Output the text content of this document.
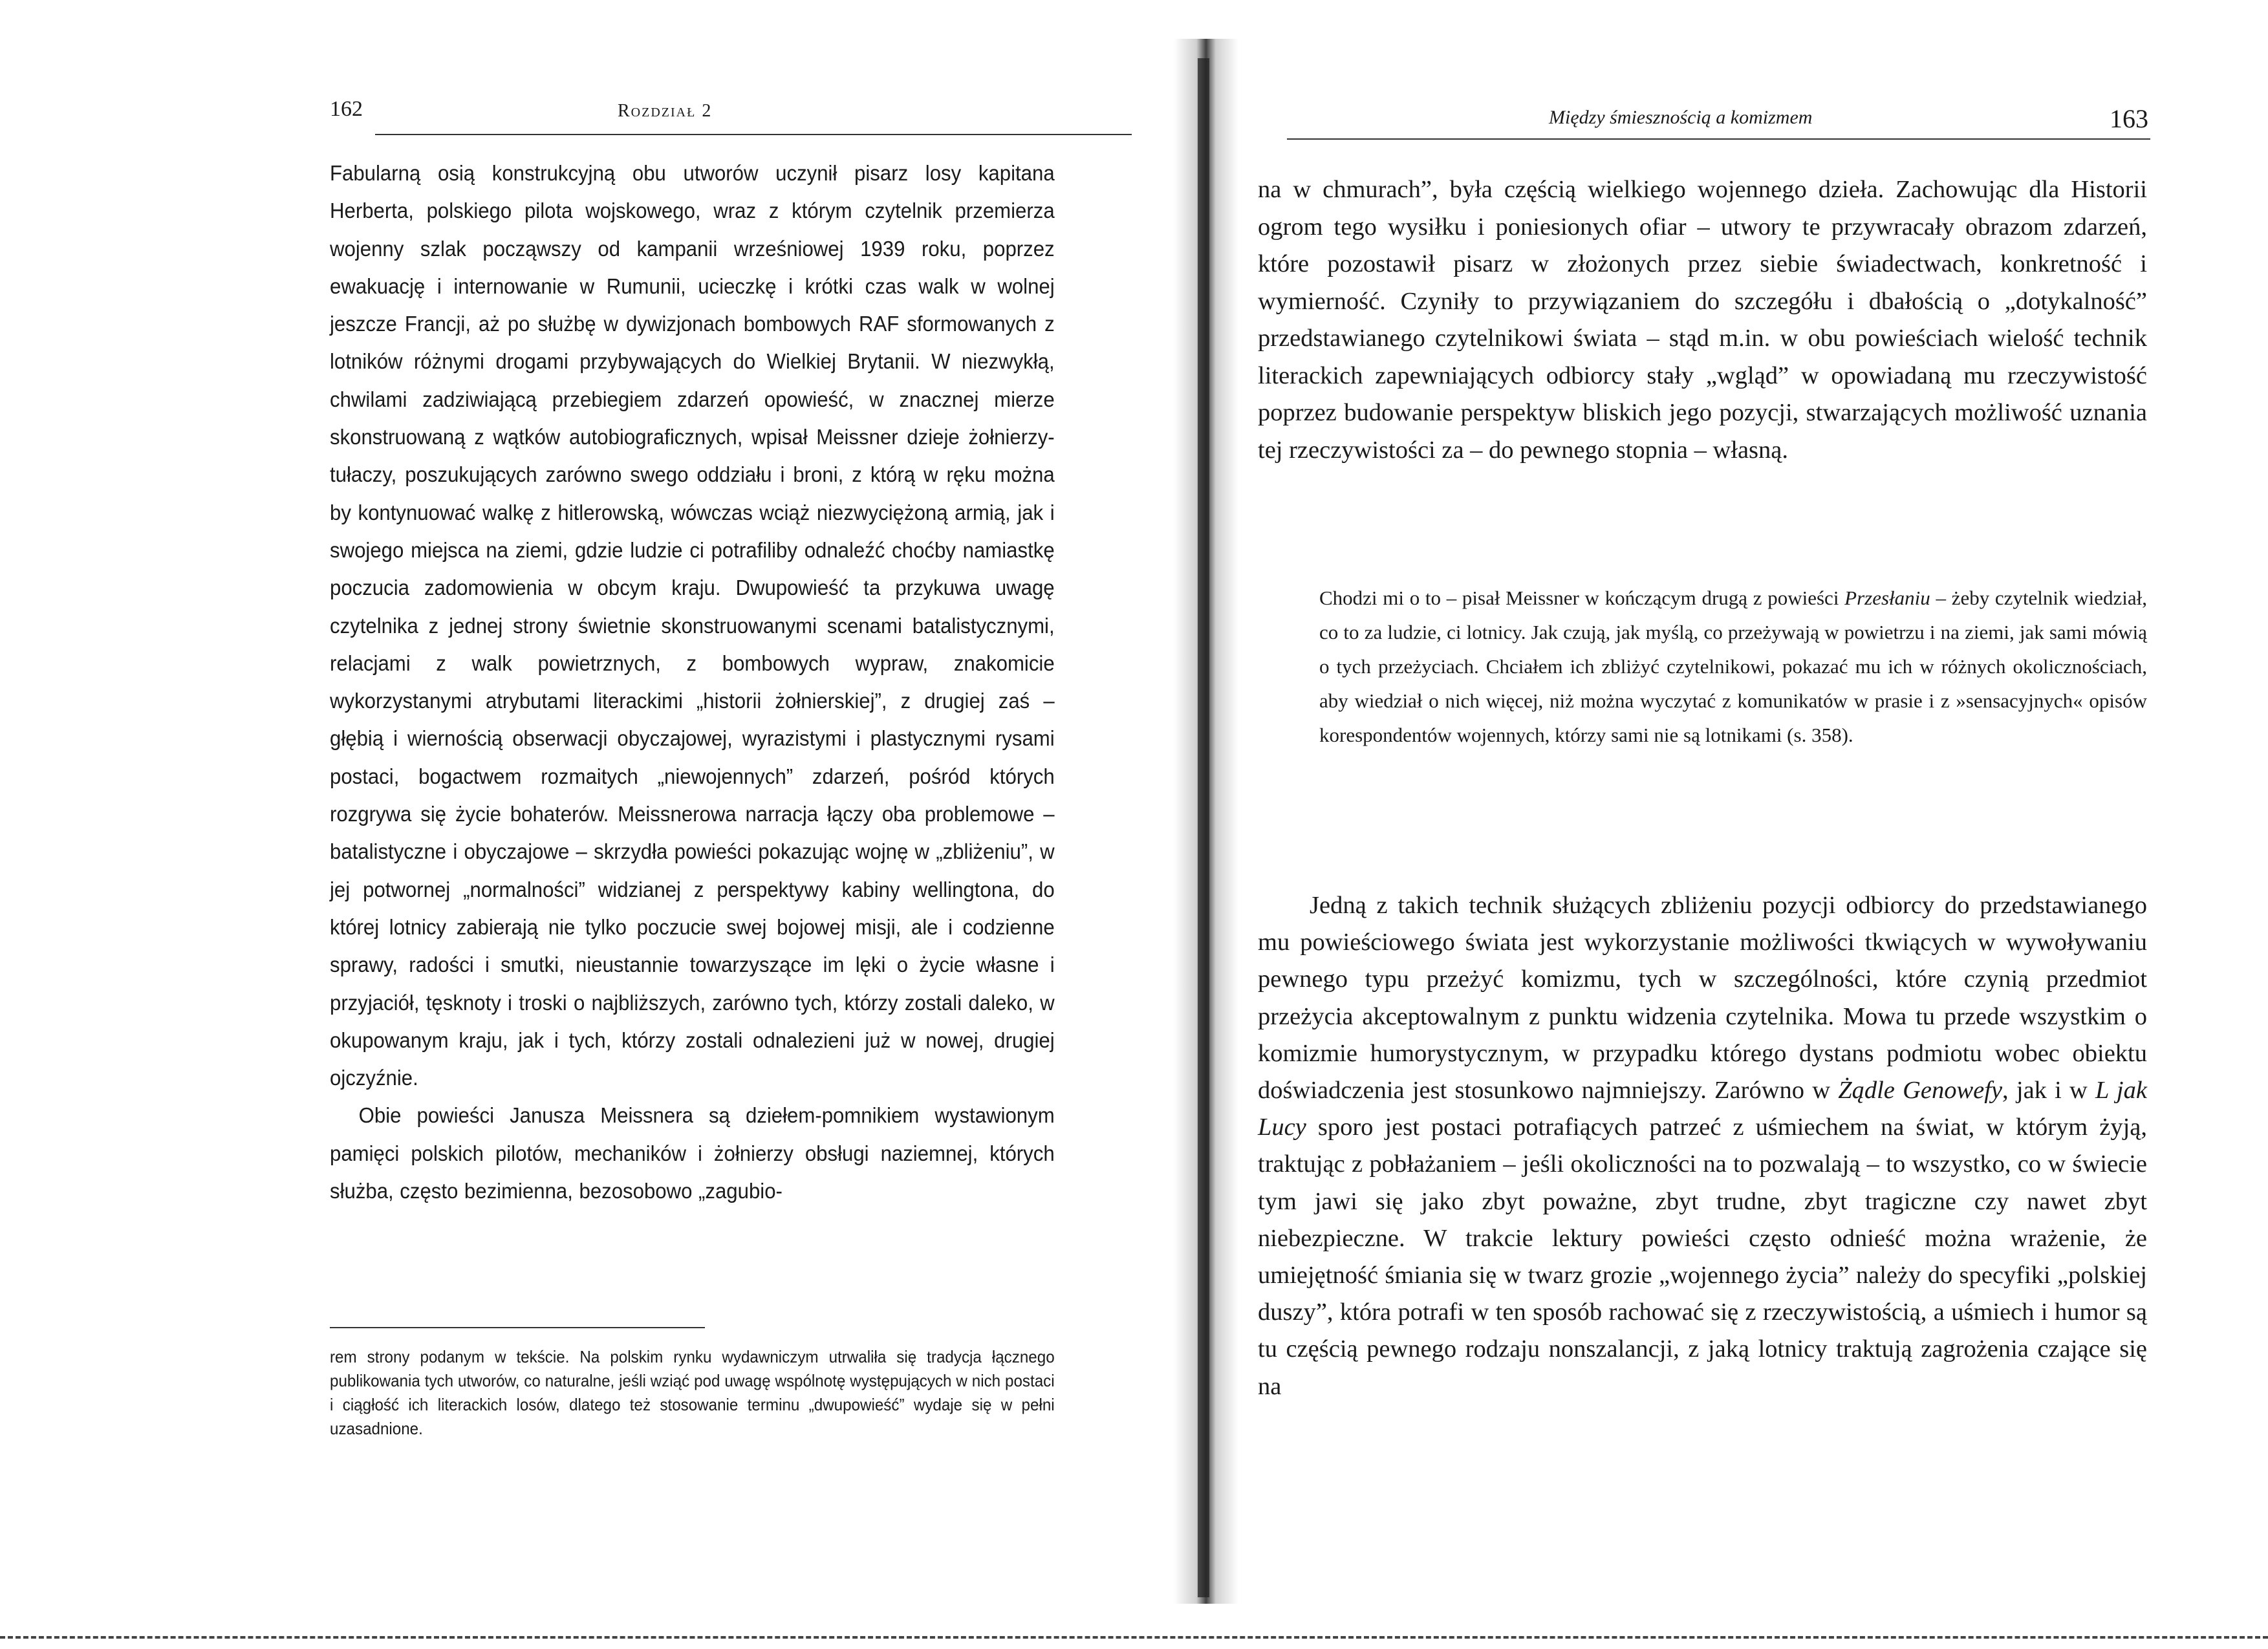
162	Rozdział 2

Fabularną osią konstrukcyjną obu utworów uczynił pisarz losy kapitana Herberta, polskiego pilota wojskowego, wraz z którym czytelnik przemierza wojenny szlak począwszy od kampanii wrześniowej 1939 roku, poprzez ewakuację i internowanie w Rumunii, ucieczkę i krótki czas walk w wolnej jeszcze Francji, aż po służbę w dywizjonach bombowych RAF sformowanych z lotników różnymi drogami przybywających do Wielkiej Brytanii. W niezwykłą, chwilami zadziwiającą przebiegiem zdarzeń opowieść, w znacznej mierze skonstruowaną z wątków autobiograficznych, wpisał Meissner dzieje żołnierzy-tułaczy, poszukujących zarówno swego oddziału i broni, z którą w ręku można by kontynuować walkę z hitlerowską, wówczas wciąż niezwyciężoną armią, jak i swojego miejsca na ziemi, gdzie ludzie ci potrafiliby odnaleźć choćby namiastkę poczucia zadomowienia w obcym kraju. Dwupowieść ta przykuwa uwagę czytelnika z jednej strony świetnie skonstruowanymi scenami batalistycznymi, relacjami z walk powietrznych, z bombowych wypraw, znakomicie wykorzystanymi atrybutami literackimi „historii żołnierskiej”, z drugiej zaś – głębią i wiernością obserwacji obyczajowej, wyrazistymi i plastycznymi rysami postaci, bogactwem rozmaitych „niewojennych” zdarzeń, pośród których rozgrywa się życie bohaterów. Meissnerowa narracja łączy oba problemowe – batalistyczne i obyczajowe – skrzydła powieści pokazując wojnę w „zbliżeniu”, w jej potwornej „normalności” widzianej z perspektywy kabiny wellingtona, do której lotnicy zabierają nie tylko poczucie swej bojowej misji, ale i codzienne sprawy, radości i smutki, nieustannie towarzyszące im lęki o życie własne i przyjaciół, tęsknoty i troski o najbliższych, zarówno tych, którzy zostali daleko, w okupowanym kraju, jak i tych, którzy zostali odnalezieni już w nowej, drugiej ojczyźnie.

Obie powieści Janusza Meissnera są dziełem-pomnikiem wystawionym pamięci polskich pilotów, mechaników i żołnierzy obsługi naziemnej, których służba, często bezimienna, bezosobowo „zagubio-

rem strony podanym w tekście. Na polskim rynku wydawniczym utrwaliła się tradycja łącznego publikowania tych utworów, co naturalne, jeśli wziąć pod uwagę wspólnotę występujących w nich postaci i ciągłość ich literackich losów, dlatego też stosowanie terminu „dwupowieść” wydaje się w pełni uzasadnione.

Między śmiesznością a komizmem	163

na w chmurach”, była częścią wielkiego wojennego dzieła. Zachowując dla Historii ogrom tego wysiłku i poniesionych ofiar – utwory te przywracały obrazom zdarzeń, które pozostawił pisarz w złożonych przez siebie świadectwach, konkretność i wymierność. Czyniły to przywiązaniem do szczegółu i dbałością o „dotykalność” przedstawianego czytelnikowi świata – stąd m.in. w obu powieściach wielość technik literackich zapewniających odbiorcy stały „wgląd” w opowiadaną mu rzeczywistość poprzez budowanie perspektyw bliskich jego pozycji, stwarzających możliwość uznania tej rzeczywistości za – do pewnego stopnia – własną.

Chodzi mi o to – pisał Meissner w kończącym drugą z powieści Przesłaniu – żeby czytelnik wiedział, co to za ludzie, ci lotnicy. Jak czują, jak myślą, co przeżywają w powietrzu i na ziemi, jak sami mówią o tych przeżyciach. Chciałem ich zbliżyć czytelnikowi, pokazać mu ich w różnych okolicznościach, aby wiedział o nich więcej, niż można wyczytać z komunikatów w prasie i z »sensacyjnych« opisów korespondentów wojennych, którzy sami nie są lotnikami (s. 358).

Jedną z takich technik służących zbliżeniu pozycji odbiorcy do przedstawianego mu powieściowego świata jest wykorzystanie możliwości tkwiących w wywoływaniu pewnego typu przeżyć komizmu, tych w szczególności, które czynią przedmiot przeżycia akceptowalnym z punktu widzenia czytelnika. Mowa tu przede wszystkim o komizmie humorystycznym, w przypadku którego dystans podmiotu wobec obiektu doświadczenia jest stosunkowo najmniejszy. Zarówno w Żądle Genowefy, jak i w L jak Lucy sporo jest postaci potrafiących patrzeć z uśmiechem na świat, w którym żyją, traktując z pobłażaniem – jeśli okoliczności na to pozwalają – to wszystko, co w świecie tym jawi się jako zbyt poważne, zbyt trudne, zbyt tragiczne czy nawet zbyt niebezpieczne. W trakcie lektury powieści często odnieść można wrażenie, że umiejętność śmiania się w twarz grozie „wojennego życia” należy do specyfiki „polskiej duszy”, która potrafi w ten sposób rachować się z rzeczywistością, a uśmiech i humor są tu częścią pewnego rodzaju nonszalancji, z jaką lotnicy traktują zagrożenia czające się na
